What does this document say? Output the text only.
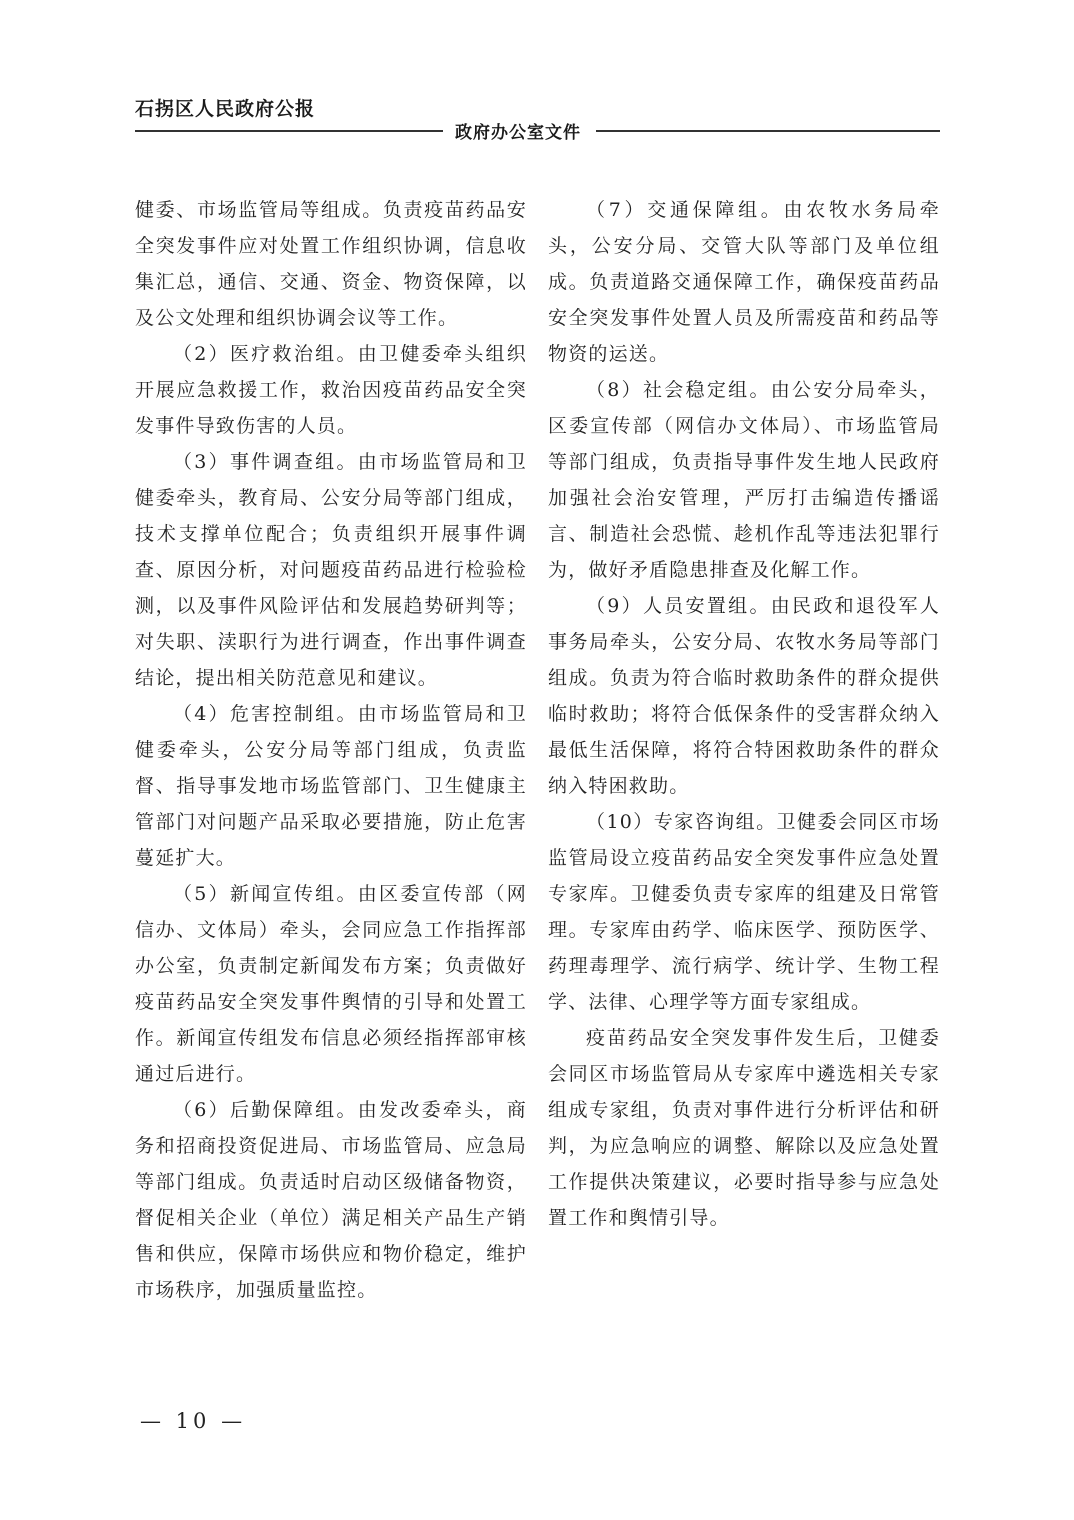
石拐区人民政府公报
政府办公室文件

健委、市场监管局等组成。负责疫苗药品安全突发事件应对处置工作组织协调，信息收集汇总，通信、交通、资金、物资保障，以及公文处理和组织协调会议等工作。

（2）医疗救治组。由卫健委牵头组织开展应急救援工作，救治因疫苗药品安全突发事件导致伤害的人员。

（3）事件调查组。由市场监管局和卫健委牵头，教育局、公安分局等部门组成，技术支撑单位配合；负责组织开展事件调查、原因分析，对问题疫苗药品进行检验检测，以及事件风险评估和发展趋势研判等；对失职、渎职行为进行调查，作出事件调查结论，提出相关防范意见和建议。

（4）危害控制组。由市场监管局和卫健委牵头，公安分局等部门组成，负责监督、指导事发地市场监管部门、卫生健康主管部门对问题产品采取必要措施，防止危害蔓延扩大。

（5）新闻宣传组。由区委宣传部（网信办、文体局）牵头，会同应急工作指挥部办公室，负责制定新闻发布方案；负责做好疫苗药品安全突发事件舆情的引导和处置工作。新闻宣传组发布信息必须经指挥部审核通过后进行。

（6）后勤保障组。由发改委牵头，商务和招商投资促进局、市场监管局、应急局等部门组成。负责适时启动区级储备物资，督促相关企业（单位）满足相关产品生产销售和供应，保障市场供应和物价稳定，维护市场秩序，加强质量监控。

（7）交通保障组。由农牧水务局牵头，公安分局、交管大队等部门及单位组成。负责道路交通保障工作，确保疫苗药品安全突发事件处置人员及所需疫苗和药品等物资的运送。

（8）社会稳定组。由公安分局牵头，区委宣传部（网信办文体局）、市场监管局等部门组成，负责指导事件发生地人民政府加强社会治安管理，严厉打击编造传播谣言、制造社会恐慌、趁机作乱等违法犯罪行为，做好矛盾隐患排查及化解工作。

（9）人员安置组。由民政和退役军人事务局牵头，公安分局、农牧水务局等部门组成。负责为符合临时救助条件的群众提供临时救助；将符合低保条件的受害群众纳入最低生活保障，将符合特困救助条件的群众纳入特困救助。

（10）专家咨询组。卫健委会同区市场监管局设立疫苗药品安全突发事件应急处置专家库。卫健委负责专家库的组建及日常管理。专家库由药学、临床医学、预防医学、药理毒理学、流行病学、统计学、生物工程学、法律、心理学等方面专家组成。

疫苗药品安全突发事件发生后，卫健委会同区市场监管局从专家库中遴选相关专家组成专家组，负责对事件进行分析评估和研判，为应急响应的调整、解除以及应急处置工作提供决策建议，必要时指导参与应急处置工作和舆情引导。

— 10 —
